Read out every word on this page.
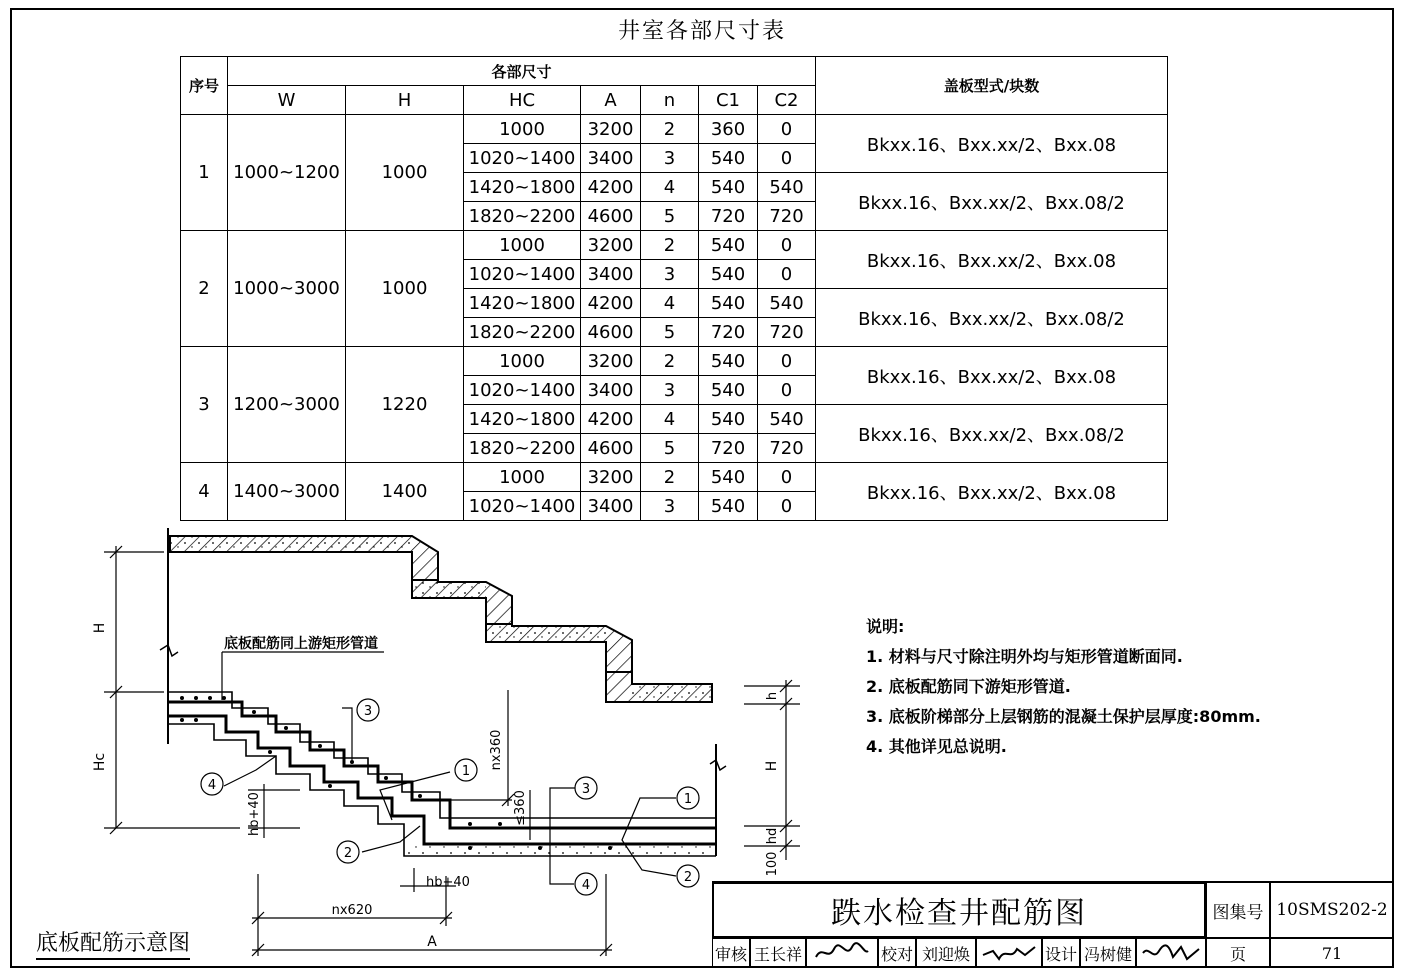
井室各部尺寸表
序号	各部尺寸							盖板型式/块数
	W	H	HC	A	n	C1	C2	
1	1000~1200	1000	1000	3200	2	360	0	Bkxx.16、Bxx.xx/2、Bxx.08
			1020~1400	3400	3	540	0	
			1420~1800	4200	4	540	540	Bkxx.16、Bxx.xx/2、Bxx.08/2
			1820~2200	4600	5	720	720	
2	1000~3000	1000	1000	3200	2	540	0	Bkxx.16、Bxx.xx/2、Bxx.08
			1020~1400	3400	3	540	0	
			1420~1800	4200	4	540	540	Bkxx.16、Bxx.xx/2、Bxx.08/2
			1820~2200	4600	5	720	720	
3	1200~3000	1220	1000	3200	2	540	0	Bkxx.16、Bxx.xx/2、Bxx.08
			1020~1400	3400	3	540	0	
			1420~1800	4200	4	540	540	Bkxx.16、Bxx.xx/2、Bxx.08/2
			1820~2200	4600	5	720	720	
4	1400~3000	1400	1000	3200	2	540	0	Bkxx.16、Bxx.xx/2、Bxx.08
			1020~1400	3400	3	540	0	
说明:
1. 材料与尺寸除注明外均与矩形管道断面同.
2. 底板配筋同下游矩形管道.
3. 底板阶梯部分上层钢筋的混凝土保护层厚度:80mm.
4. 其他详见总说明.
H
Hc
hb+40
nx360
≤360
h
H
hd
100
nx620
A
hb+40
底板配筋同上游矩形管道
3
1
2
4	3
4
1
2
底板配筋示意图
跌水检查井配筋图	图集号 10SMS202-2
审核 王长祥	校对 刘迎焕	设计 冯树健	页	71
